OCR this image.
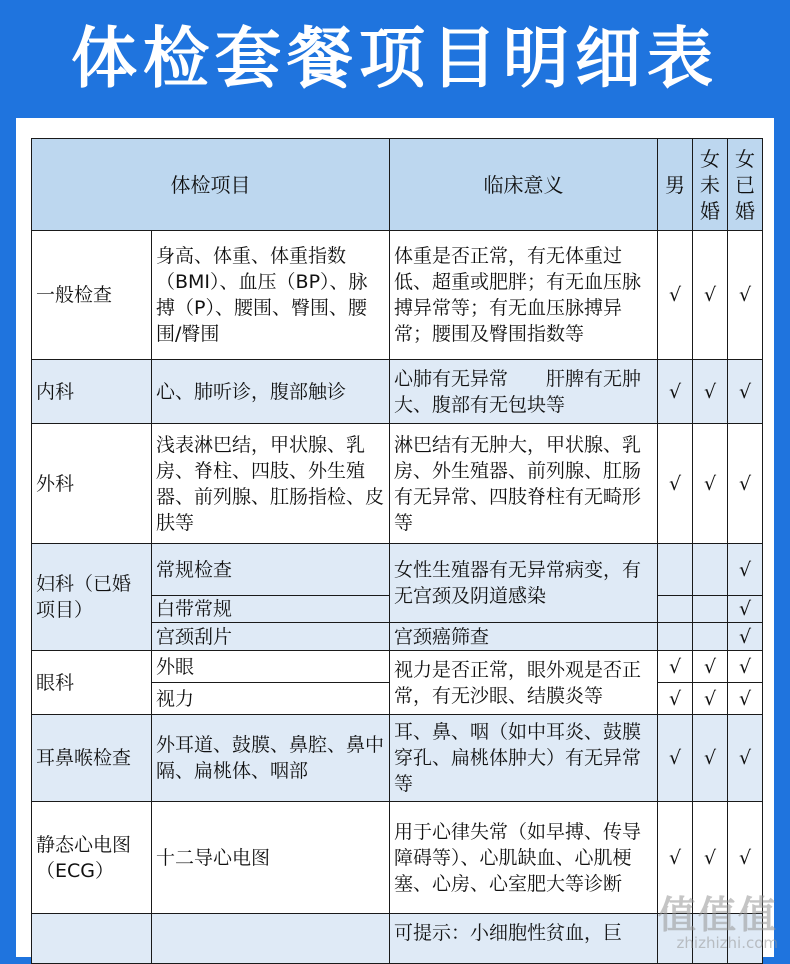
体检套餐项目明细表
体检项目		临床意义	男	女未婚	女已婚
一般检查	身高、体重、体重指数（BMI）、血压（BP）、脉搏（P）、腰围、臀围、腰围/臀围	体重是否正常，有无体重过低、超重或肥胖；有无血压脉搏异常等；有无血压脉搏异常；腰围及臀围指数等	√	√	√
内科	心、肺听诊，腹部触诊	心肺有无异常　　肝脾有无肿大、腹部有无包块等	√	√	√
外科	浅表淋巴结，甲状腺、乳房、脊柱、四肢、外生殖器、前列腺、肛肠指检、皮肤等	淋巴结有无肿大，甲状腺、乳房、外生殖器、前列腺、肛肠有无异常、四肢脊柱有无畸形等	√	√	√
妇科（已婚项目）	常规检查	女性生殖器有无异常病变，有无宫颈及阴道感染			√
	白带常规				√
	宫颈刮片	宫颈癌筛查			√
眼科	外眼	视力是否正常，眼外观是否正常，有无沙眼、结膜炎等	√	√	√
	视力		√	√	√
耳鼻喉检查	外耳道、鼓膜、鼻腔、鼻中隔、扁桃体、咽部	耳、鼻、咽（如中耳炎、鼓膜穿孔、扁桃体肿大）有无异常等	√	√	√
静态心电图（ECG）	十二导心电图	用于心律失常（如早搏、传导障碍等）、心肌缺血、心肌梗塞、心房、心室肥大等诊断	√	√	√
		可提示：小细胞性贫血，巨			值值值
zhizhizhi.com
